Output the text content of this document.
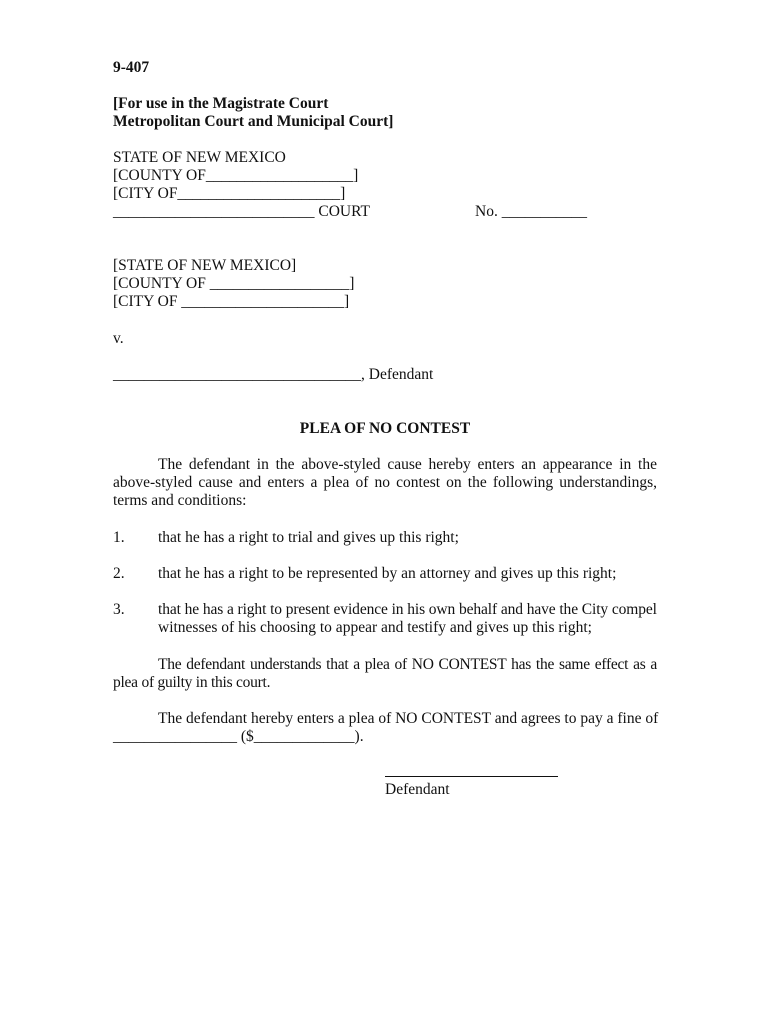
9-407
[For use in the Magistrate Court
Metropolitan Court and Municipal Court]
STATE OF NEW MEXICO
[COUNTY OF___________________]
[CITY OF_____________________]
__________________________ COURT	No. ___________
[STATE OF NEW MEXICO]
[COUNTY OF __________________]
[CITY OF _____________________]
v.
________________________________, Defendant
PLEA OF NO CONTEST
The defendant in the above-styled cause hereby enters an appearance in the above-styled cause and enters a plea of no contest on the following understandings, terms and conditions:
1. that he has a right to trial and gives up this right;
2. that he has a right to be represented by an attorney and gives up this right;
3. that he has a right to present evidence in his own behalf and have the City compel
witnesses of his choosing to appear and testify and gives up this right;
The defendant understands that a plea of NO CONTEST has the same effect as a plea of guilty in this court.
The defendant hereby enters a plea of NO CONTEST and agrees to pay a fine of
________________ ($_____________).
Defendant
